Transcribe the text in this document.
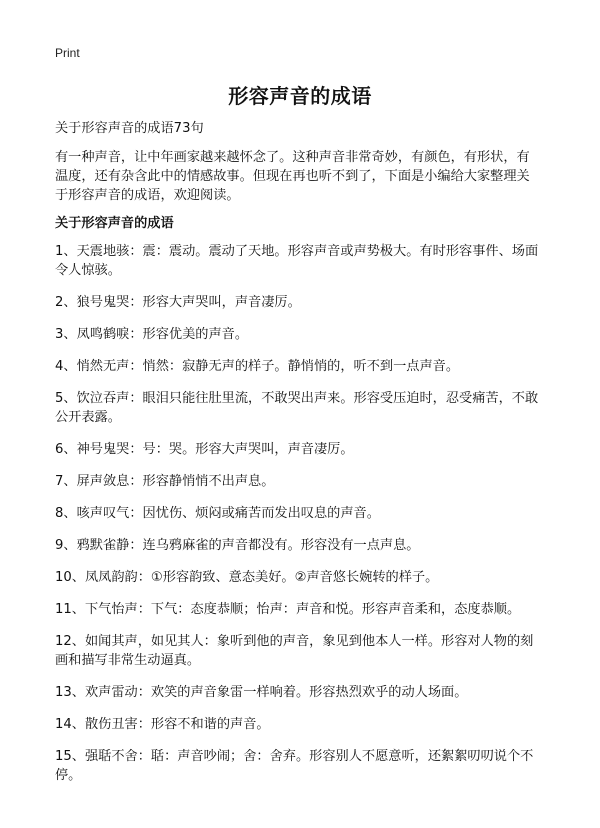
Print
形容声音的成语

关于形容声音的成语73句

有一种声音，让中年画家越来越怀念了。这种声音非常奇妙，有颜色，有形状，有温度，还有杂含此中的情感故事。但现在再也听不到了，下面是小编给大家整理关于形容声音的成语，欢迎阅读。

关于形容声音的成语

1、天震地骇：震：震动。震动了天地。形容声音或声势极大。有时形容事件、场面令人惊骇。
2、狼号鬼哭：形容大声哭叫，声音凄厉。
3、凤鸣鹤唳：形容优美的声音。
4、悄然无声：悄然：寂静无声的样子。静悄悄的，听不到一点声音。
5、饮泣吞声：眼泪只能往肚里流，不敢哭出声来。形容受压迫时，忍受痛苦，不敢公开表露。
6、神号鬼哭：号：哭。形容大声哭叫，声音凄厉。
7、屏声敛息：形容静悄悄不出声息。
8、咳声叹气：因忧伤、烦闷或痛苦而发出叹息的声音。
9、鸦默雀静：连乌鸦麻雀的声音都没有。形容没有一点声息。
10、凤凤韵韵：①形容韵致、意态美好。②声音悠长婉转的样子。
11、下气怡声：下气：态度恭顺；怡声：声音和悦。形容声音柔和，态度恭顺。
12、如闻其声，如见其人：象听到他的声音，象见到他本人一样。形容对人物的刻画和描写非常生动逼真。
13、欢声雷动：欢笑的声音象雷一样响着。形容热烈欢乎的动人场面。
14、散伤丑害：形容不和谐的声音。
15、强聒不舍：聒：声音吵闹；舍：舍弃。形容别人不愿意听，还絮絮叨叨说个不停。
